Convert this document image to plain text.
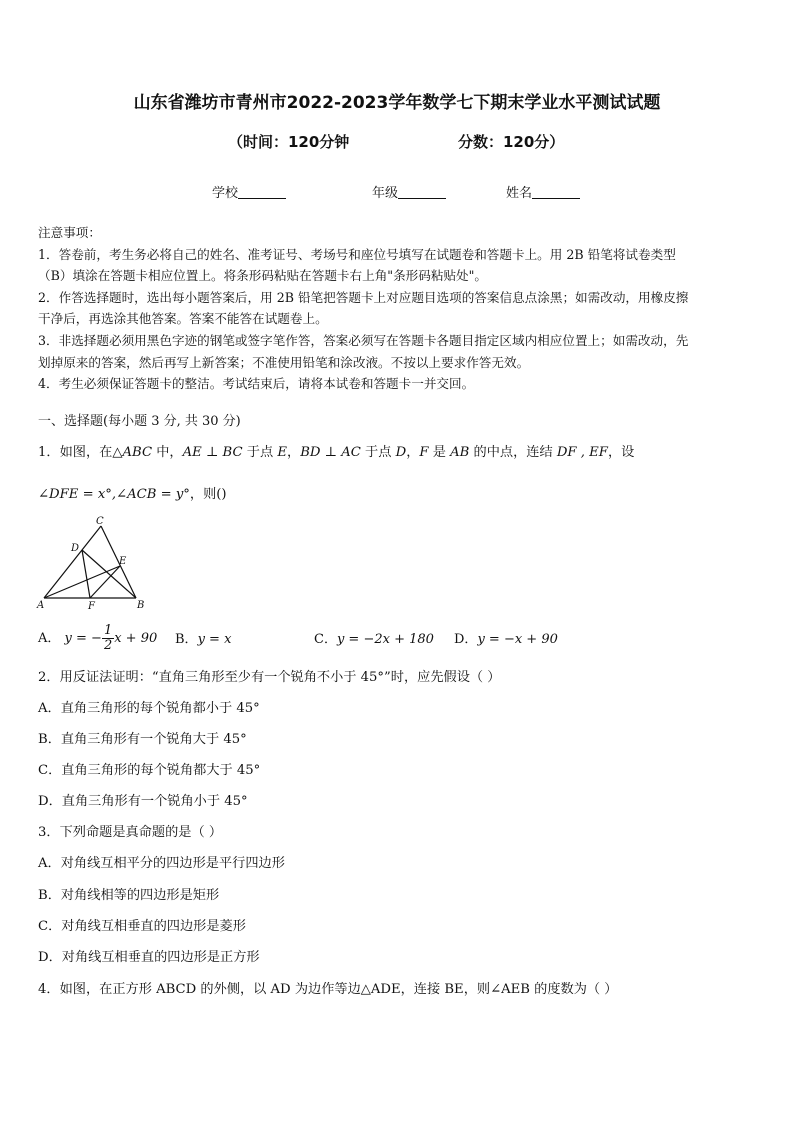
山东省潍坊市青州市2022-2023学年数学七下期末学业水平测试试题
（时间：120分钟	分数：120分）
学校	年级	姓名
注意事项：
1．答卷前，考生务必将自己的姓名、准考证号、考场号和座位号填写在试题卷和答题卡上。用 2B 铅笔将试卷类型
（B）填涂在答题卡相应位置上。将条形码粘贴在答题卡右上角"条形码粘贴处"。
2．作答选择题时，选出每小题答案后，用 2B 铅笔把答题卡上对应题目选项的答案信息点涂黑；如需改动，用橡皮擦
干净后，再选涂其他答案。答案不能答在试题卷上。
3．非选择题必须用黑色字迹的钢笔或签字笔作答，答案必须写在答题卡各题目指定区域内相应位置上；如需改动，先
划掉原来的答案，然后再写上新答案；不准使用铅笔和涂改液。不按以上要求作答无效。
4．考生必须保证答题卡的整洁。考试结束后，请将本试卷和答题卡一并交回。
一、选择题(每小题 3 分, 共 30 分)
1．如图，在△ABC 中，AE ⊥ BC 于点 E，BD ⊥ AC 于点 D，F 是 AB 的中点，连结 DF , EF，设
∠DFE = x°,∠ACB = y°，则()
C
D
E
A	F	B
A． y = − $\frac{1}{2}$ x + 90 B．y = x	C．y = −2x + 180 D．y = −x + 90
2．用反证法证明：“直角三角形至少有一个锐角不小于 45°”时，应先假设（ ）
A．直角三角形的每个锐角都小于 45°
B．直角三角形有一个锐角大于 45°
C．直角三角形的每个锐角都大于 45°
D．直角三角形有一个锐角小于 45°
3．下列命题是真命题的是（ ）
A．对角线互相平分的四边形是平行四边形
B．对角线相等的四边形是矩形
C．对角线互相垂直的四边形是菱形
D．对角线互相垂直的四边形是正方形
4．如图，在正方形 ABCD 的外侧，以 AD 为边作等边△ADE，连接 BE，则∠AEB 的度数为（ ）
